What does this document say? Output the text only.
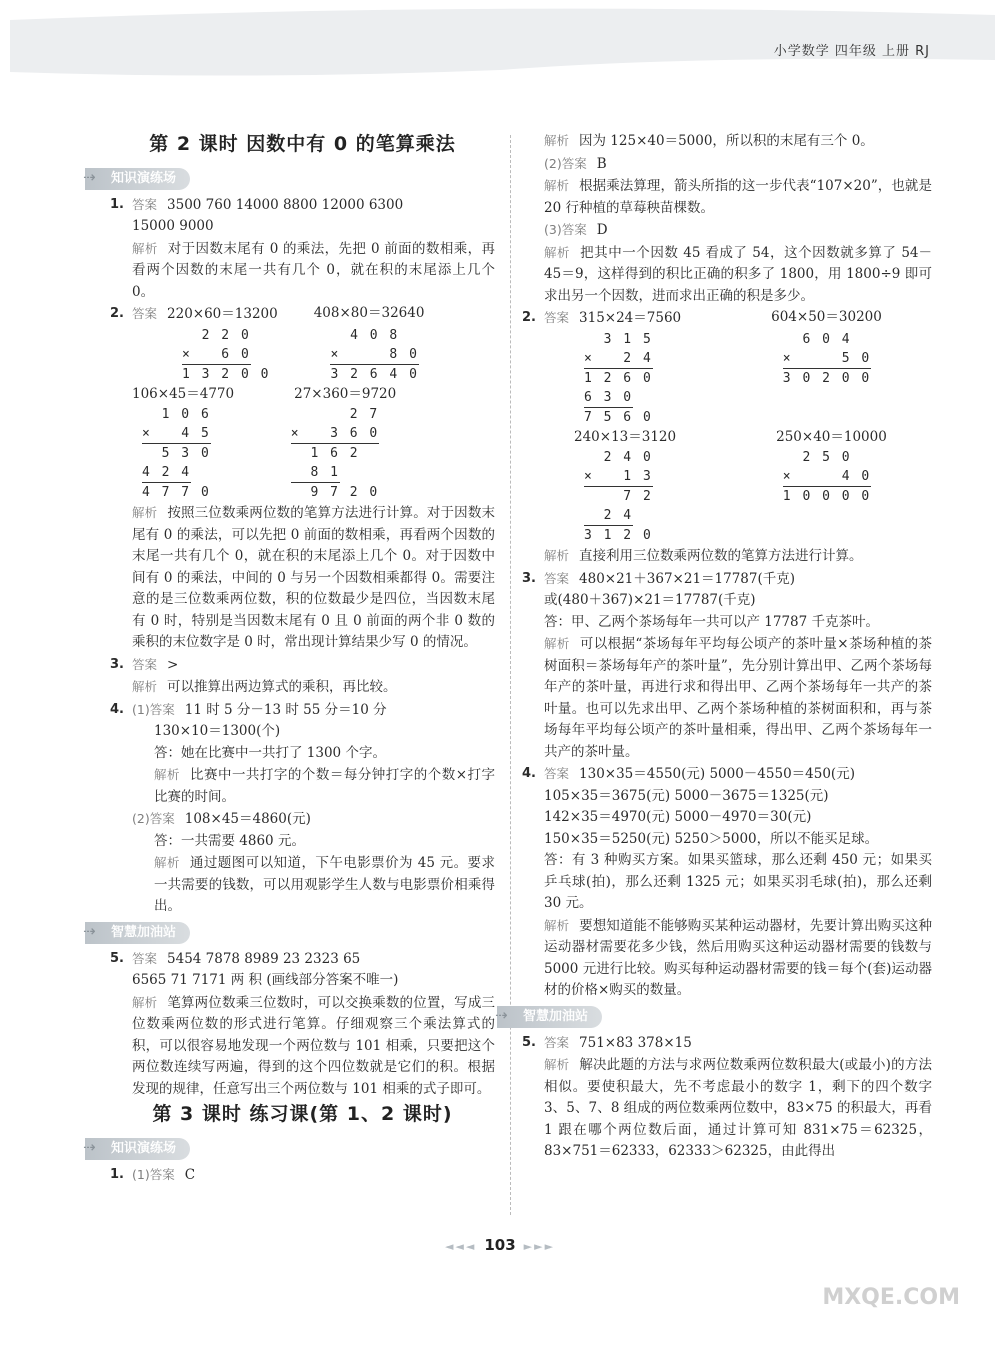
小学数学 四年级 上册 RJ
第 2 课时 因数中有 0 的笔算乘法
⇢ 知识演练场
1. 答案 3500 760 14000 8800 12000 6300
15000 9000
解析 对于因数末尾有 0 的乘法，先把 0 前面的数相乘，再看两个因数的末尾一共有几个 0，就在积的末尾添上几个 0。
2. 答案 220×60＝13200	408×80＝32640
2 2 0
×   6 0
1 3 2 0 0
4 0 8
×     8 0
3 2 6 4 0
106×45＝4770	27×360＝9720
1 0 6
×   4 5
5 3 0
4 2 4
4 7 7 0
2 7
×   3 6 0
1 6 2
8 1
9 7 2 0
解析 按照三位数乘两位数的笔算方法进行计算。对于因数末尾有 0 的乘法，可以先把 0 前面的数相乘，再看两个因数的末尾一共有几个 0，就在积的末尾添上几个 0。对于因数中间有 0 的乘法，中间的 0 与另一个因数相乘都得 0。需要注意的是三位数乘两位数，积的位数最少是四位，当因数末尾有 0 时，特别是当因数末尾有 0 且 0 前面的两个非 0 数的乘积的末位数字是 0 时，常出现计算结果少写 0 的情况。
3. 答案 >
解析 可以推算出两边算式的乘积，再比较。
4. (1)答案 11 时 5 分－13 时 55 分＝10 分
130×10＝1300(个)
答：她在比赛中一共打了 1300 个字。
解析 比赛中一共打字的个数＝每分钟打字的个数×打字比赛的时间。
(2)答案 108×45＝4860(元)
答：一共需要 4860 元。
解析 通过题图可以知道，下午电影票价为 45 元。要求一共需要的钱数，可以用观影学生人数与电影票价相乘得出。
⇢ 智慧加油站
5. 答案 5454 7878 8989 23 2323 65
6565 71 7171 两 积 (画线部分答案不唯一)
解析 笔算两位数乘三位数时，可以交换乘数的位置，写成三位数乘两位数的形式进行笔算。仔细观察三个乘法算式的积，可以很容易地发现一个两位数与 101 相乘，只要把这个两位数连续写两遍，得到的这个四位数就是它们的积。根据发现的规律，任意写出三个两位数与 101 相乘的式子即可。
第 3 课时 练习课(第 1、2 课时)
⇢ 知识演练场
1. (1)答案 C
解析 因为 125×40＝5000，所以积的末尾有三个 0。
(2)答案 B
解析 根据乘法算理，箭头所指的这一步代表“107×20”，也就是 20 行种植的草莓秧苗棵数。
(3)答案 D
解析 把其中一个因数 45 看成了 54，这个因数就多算了 54－45＝9，这样得到的积比正确的积多了 1800，用 1800÷9 即可求出另一个因数，进而求出正确的积是多少。
2. 答案 315×24＝7560	604×50＝30200
3 1 5
×   2 4
1 2 6 0
6 3 0
7 5 6 0
6 0 4
×     5 0
3 0 2 0 0
240×13＝3120	250×40＝10000
2 4 0
×   1 3
7 2
2 4
3 1 2 0
2 5 0
×     4 0
1 0 0 0 0
解析 直接利用三位数乘两位数的笔算方法进行计算。
3. 答案 480×21＋367×21＝17787(千克)
或(480＋367)×21＝17787(千克)
答：甲、乙两个茶场每年一共可以产 17787 千克茶叶。
解析 可以根据“茶场每年平均每公顷产的茶叶量×茶场种植的茶树面积＝茶场每年产的茶叶量”，先分别计算出甲、乙两个茶场每年产的茶叶量，再进行求和得出甲、乙两个茶场每年一共产的茶叶量。也可以先求出甲、乙两个茶场种植的茶树面积和，再与茶场每年平均每公顷产的茶叶量相乘，得出甲、乙两个茶场每年一共产的茶叶量。
4. 答案 130×35＝4550(元) 5000－4550＝450(元)
105×35＝3675(元) 5000－3675＝1325(元)
142×35＝4970(元) 5000－4970＝30(元)
150×35＝5250(元) 5250＞5000，所以不能买足球。
答：有 3 种购买方案。如果买篮球，那么还剩 450 元；如果买乒乓球(拍)，那么还剩 1325 元；如果买羽毛球(拍)，那么还剩 30 元。
解析 要想知道能不能够购买某种运动器材，先要计算出购买这种运动器材需要花多少钱，然后用购买这种运动器材需要的钱数与 5000 元进行比较。购买每种运动器材需要的钱＝每个(套)运动器材的价格×购买的数量。
⇢ 智慧加油站
5. 答案 751×83 378×15
解析 解决此题的方法与求两位数乘两位数积最大(或最小)的方法相似。要使积最大，先不考虑最小的数字 1，剩下的四个数字 3、5、7、8 组成的两位数乘两位数中，83×75 的积最大，再看 1 跟在哪个两位数后面，通过计算可知 831×75＝62325，83×751＝62333，62333＞62325，由此得出
◄◄◄ 103 ►►►
MXQE.COM
